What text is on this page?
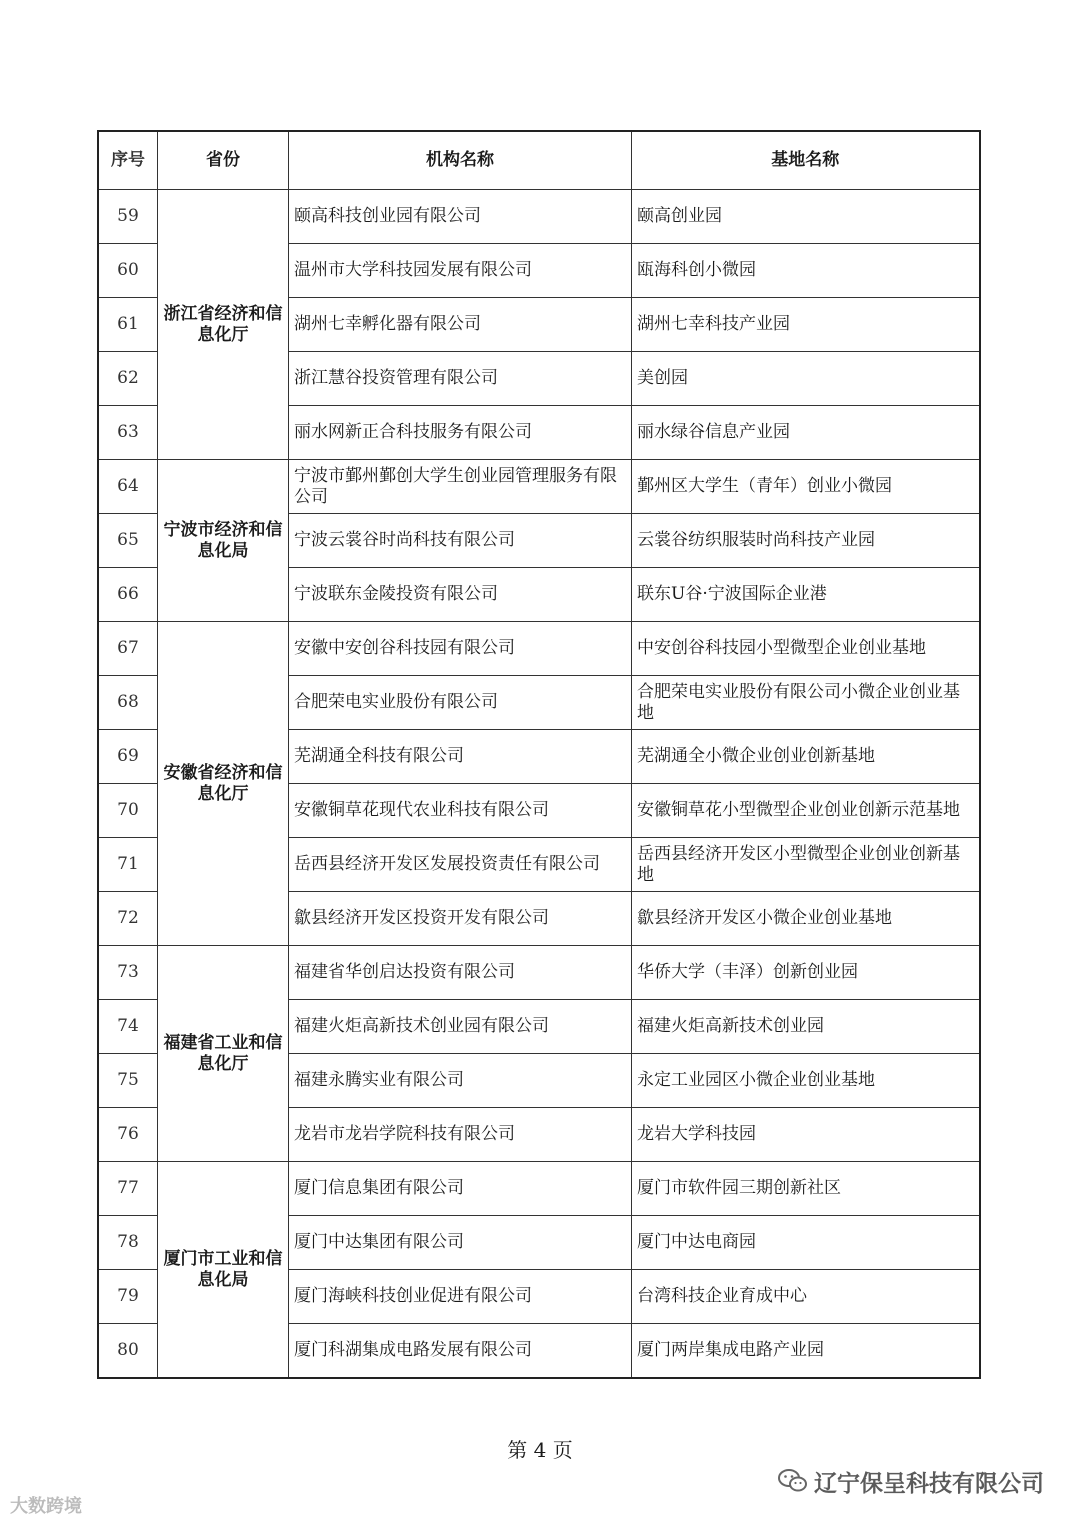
序号	省份	机构名称	基地名称
59	浙江省经济和信息化厅	颐高科技创业园有限公司	颐高创业园
60		温州市大学科技园发展有限公司	瓯海科创小微园
61		湖州七幸孵化器有限公司	湖州七幸科技产业园
62		浙江慧谷投资管理有限公司	美创园
63		丽水网新正合科技服务有限公司	丽水绿谷信息产业园
64	宁波市经济和信息化局	宁波市鄞州鄞创大学生创业园管理服务有限公司	鄞州区大学生（青年）创业小微园
65		宁波云裳谷时尚科技有限公司	云裳谷纺织服装时尚科技产业园
66		宁波联东金陵投资有限公司	联东U谷·宁波国际企业港
67	安徽省经济和信息化厅	安徽中安创谷科技园有限公司	中安创谷科技园小型微型企业创业基地
68		合肥荣电实业股份有限公司	合肥荣电实业股份有限公司小微企业创业基地
69		芜湖通全科技有限公司	芜湖通全小微企业创业创新基地
70		安徽铜草花现代农业科技有限公司	安徽铜草花小型微型企业创业创新示范基地
71		岳西县经济开发区发展投资责任有限公司	岳西县经济开发区小型微型企业创业创新基地
72		歙县经济开发区投资开发有限公司	歙县经济开发区小微企业创业基地
73	福建省工业和信息化厅	福建省华创启达投资有限公司	华侨大学（丰泽）创新创业园
74		福建火炬高新技术创业园有限公司	福建火炬高新技术创业园
75		福建永腾实业有限公司	永定工业园区小微企业创业基地
76		龙岩市龙岩学院科技有限公司	龙岩大学科技园
77	厦门市工业和信息化局	厦门信息集团有限公司	厦门市软件园三期创新社区
78		厦门中达集团有限公司	厦门中达电商园
79		厦门海峡科技创业促进有限公司	台湾科技企业育成中心
80		厦门科湖集成电路发展有限公司	厦门两岸集成电路产业园
第 4 页
大数跨境
辽宁保呈科技有限公司
